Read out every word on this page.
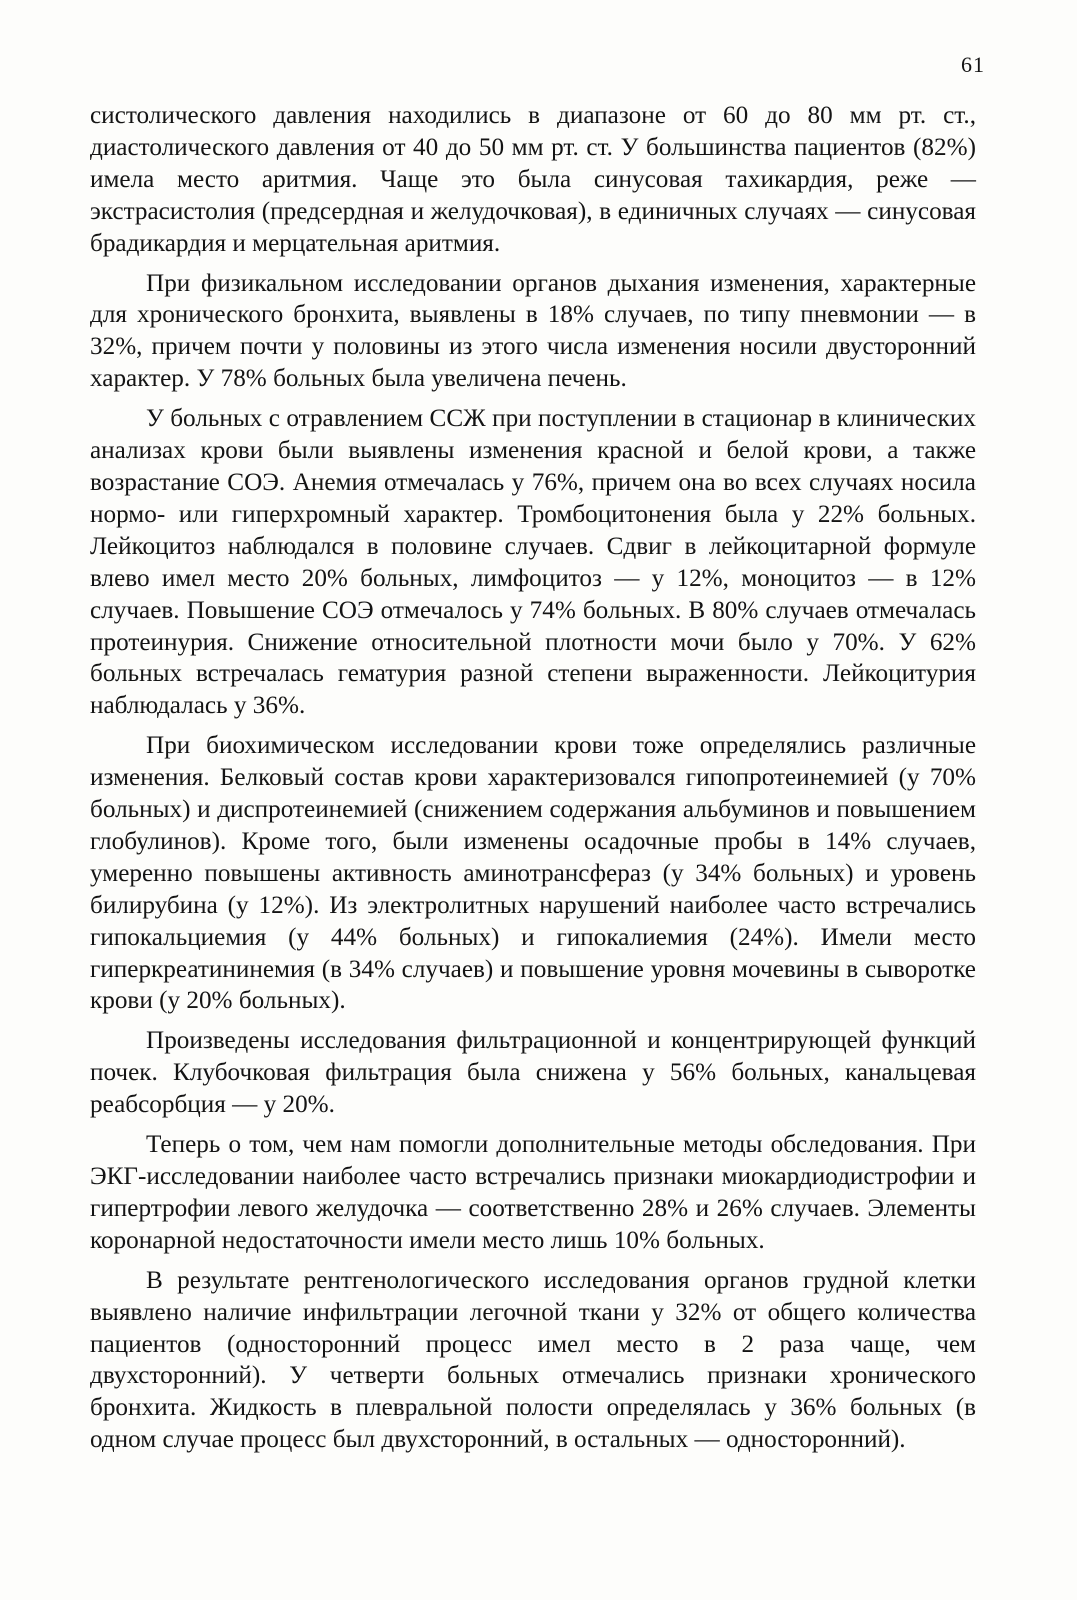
61

систолического давления находились в диапазоне от 60 до 80 мм рт. ст., диастолического давления от 40 до 50 мм рт. ст. У большинства пациентов (82%) имела место аритмия. Чаще это была синусовая тахикардия, реже — экстрасистолия (предсердная и желудочковая), в единичных случаях — синусовая брадикардия и мерцательная аритмия.

При физикальном исследовании органов дыхания изменения, характерные для хронического бронхита, выявлены в 18% случаев, по типу пневмонии — в 32%, причем почти у половины из этого числа изменения носили двусторонний характер. У 78% больных была увеличена печень.

У больных с отравлением ССЖ при поступлении в стационар в клинических анализах крови были выявлены изменения красной и белой крови, а также возрастание СОЭ. Анемия отмечалась у 76%, причем она во всех случаях носила нормо- или гиперхромный характер. Тромбоцитонения была у 22% больных. Лейкоцитоз наблюдался в половине случаев. Сдвиг в лейкоцитарной формуле влево имел место 20% больных, лимфоцитоз — у 12%, моноцитоз — в 12% случаев. Повышение СОЭ отмечалось у 74% больных. В 80% случаев отмечалась протеинурия. Снижение относительной плотности мочи было у 70%. У 62% больных встречалась гематурия разной степени выраженности. Лейкоцитурия наблюдалась у 36%.

При биохимическом исследовании крови тоже определялись различные изменения. Белковый состав крови характеризовался гипопротеинемией (у 70% больных) и диспротеинемией (снижением содержания альбуминов и повышением глобулинов). Кроме того, были изменены осадочные пробы в 14% случаев, умеренно повышены активность аминотрансфераз (у 34% больных) и уровень билирубина (у 12%). Из электролитных нарушений наиболее часто встречались гипокальциемия (у 44% больных) и гипокалиемия (24%). Имели место гиперкреатининемия (в 34% случаев) и повышение уровня мочевины в сыворотке крови (у 20% больных).

Произведены исследования фильтрационной и концентрирующей функций почек. Клубочковая фильтрация была снижена у 56% больных, канальцевая реабсорбция — у 20%.

Теперь о том, чем нам помогли дополнительные методы обследования. При ЭКГ-исследовании наиболее часто встречались признаки миокардиодистрофии и гипертрофии левого желудочка — соответственно 28% и 26% случаев. Элементы коронарной недостаточности имели место лишь 10% больных.

В результате рентгенологического исследования органов грудной клетки выявлено наличие инфильтрации легочной ткани у 32% от общего количества пациентов (односторонний процесс имел место в 2 раза чаще, чем двухсторонний). У четверти больных отмечались признаки хронического бронхита. Жидкость в плевральной полости определялась у 36% больных (в одном случае процесс был двухсторонний, в остальных — односторонний).
